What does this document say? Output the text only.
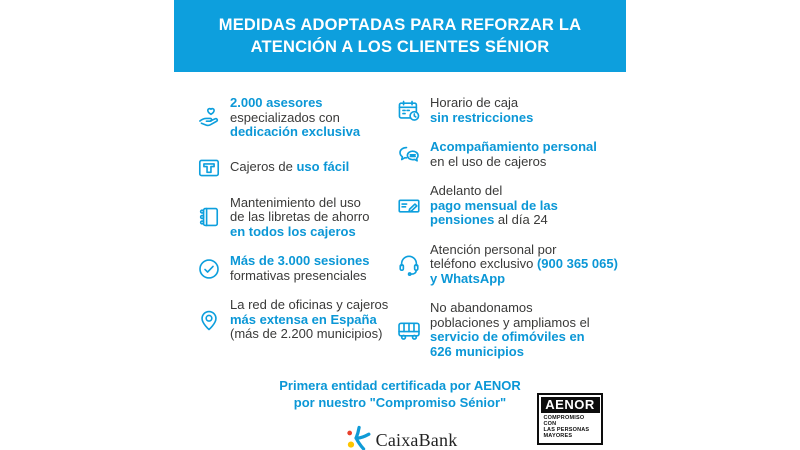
MEDIDAS ADOPTADAS PARA REFORZAR LA
ATENCIÓN A LOS CLIENTES SÉNIOR
2.000 asesores
especializados con
dedicación exclusiva
Cajeros de uso fácil
Mantenimiento del uso
de las libretas de ahorro
en todos los cajeros
Más de 3.000 sesiones
formativas presenciales
La red de oficinas y cajeros
más extensa en España
(más de 2.200 municipios)
Horario de caja
sin restricciones
Acompañamiento personal
en el uso de cajeros
Adelanto del
pago mensual de las
pensiones al día 24
Atención personal por
teléfono exclusivo (900 365 065)
y WhatsApp
No abandonamos
poblaciones y ampliamos el
servicio de ofimóviles en
626 municipios
Primera entidad certificada por AENOR
por nuestro "Compromiso Sénior"
CaixaBank
AENOR
COMPROMISO CON
LAS PERSONAS
MAYORES
